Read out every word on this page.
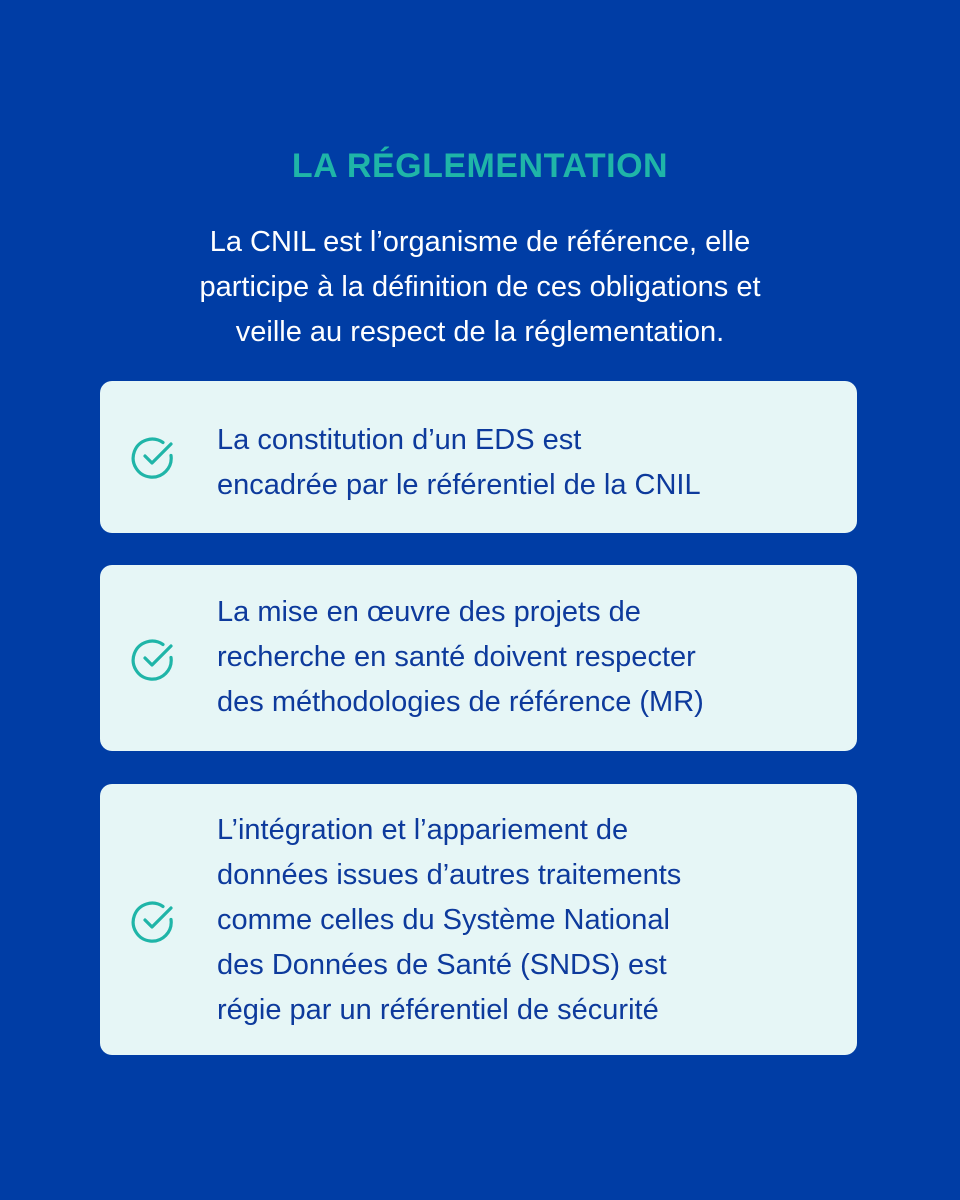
LA RÉGLEMENTATION
La CNIL est l’organisme de référence, elle
participe à la définition de ces obligations et
veille au respect de la réglementation.
La constitution d’un EDS est
encadrée par le référentiel de la CNIL
La mise en œuvre des projets de
recherche en santé doivent respecter
des méthodologies de référence (MR)
L’intégration et l’appariement de
données issues d’autres traitements
comme celles du Système National
des Données de Santé (SNDS) est
régie par un référentiel de sécurité
